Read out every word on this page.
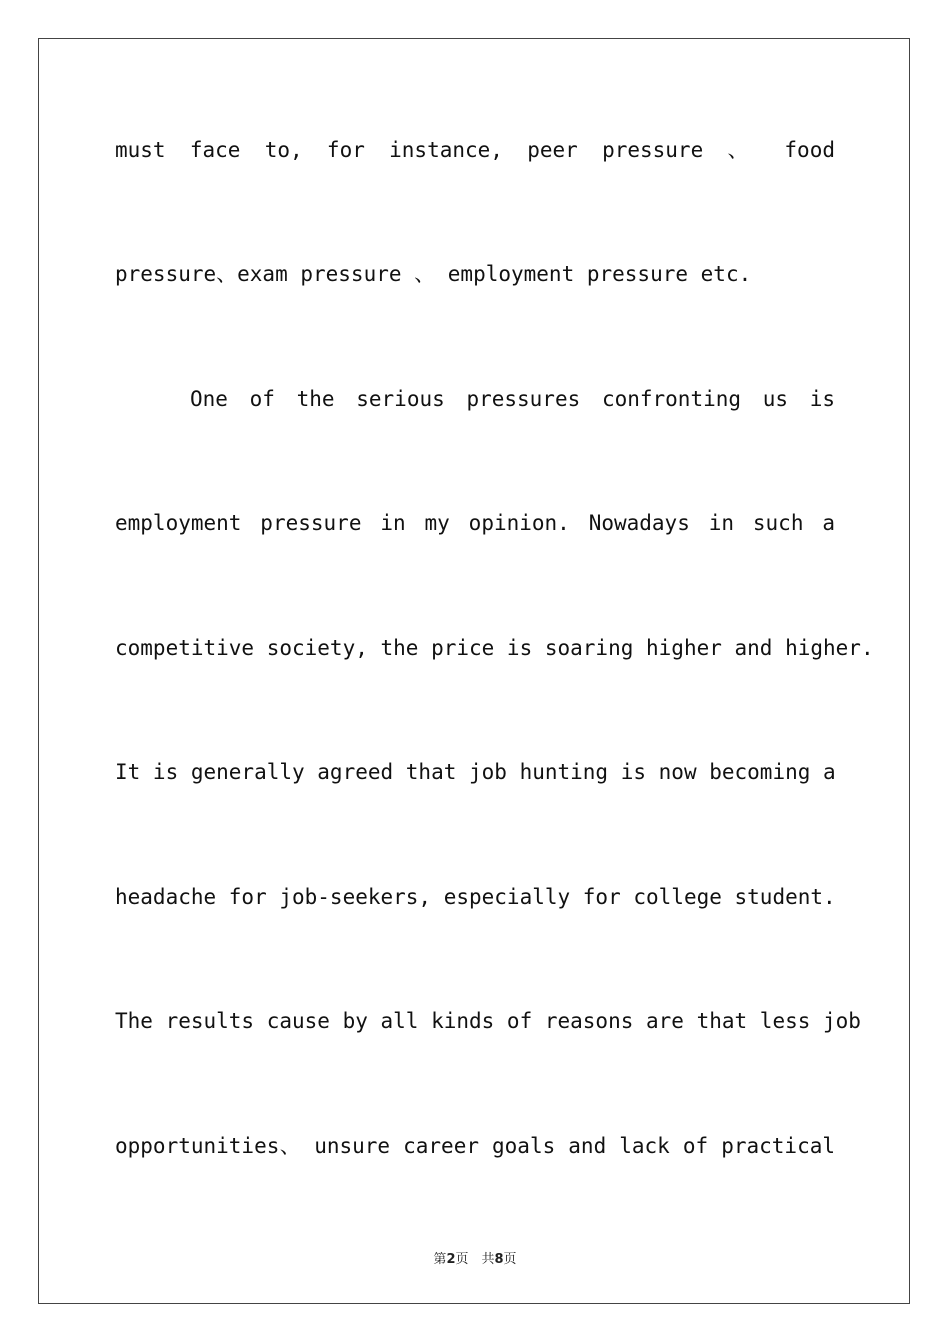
must face to, for instance, peer pressure 、 food
pressure、exam pressure 、 employment pressure etc.
One of the serious pressures confronting us is
employment pressure in my opinion. Nowadays in such a
competitive society, the price is soaring higher and higher.
It is generally agreed that job hunting is now becoming a
headache for job-seekers, especially for college student.
The results cause by all kinds of reasons are that less job
opportunities、 unsure career goals and lack of practical
第2页　共8页
